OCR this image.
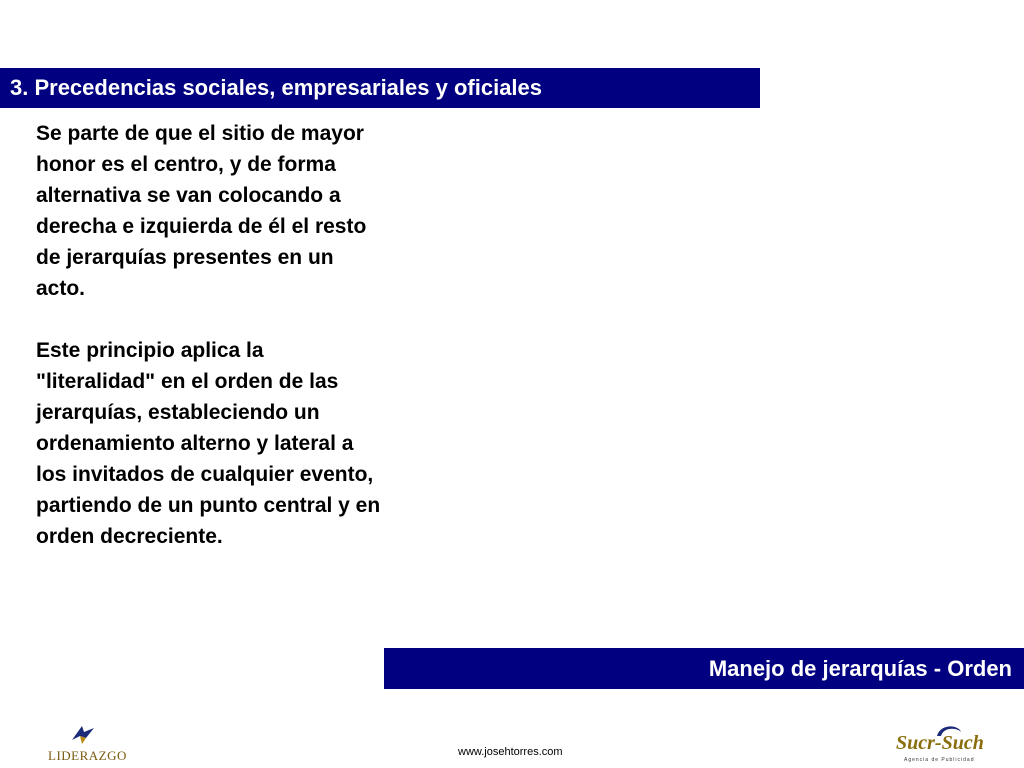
3. Precedencias sociales, empresariales y oficiales

Se parte de que el sitio de mayor honor es el centro, y de forma alternativa se van colocando a derecha e izquierda de él el resto de jerarquías presentes en un acto.

Este principio aplica la "literalidad" en el orden de las jerarquías, estableciendo un ordenamiento alterno y lateral a los invitados de cualquier evento, partiendo de un punto central y en orden decreciente.

Manejo de jerarquías - Orden
www.josehtorres.com
LIDERAZGO
Sucr-Such
Agencia de Publicidad
